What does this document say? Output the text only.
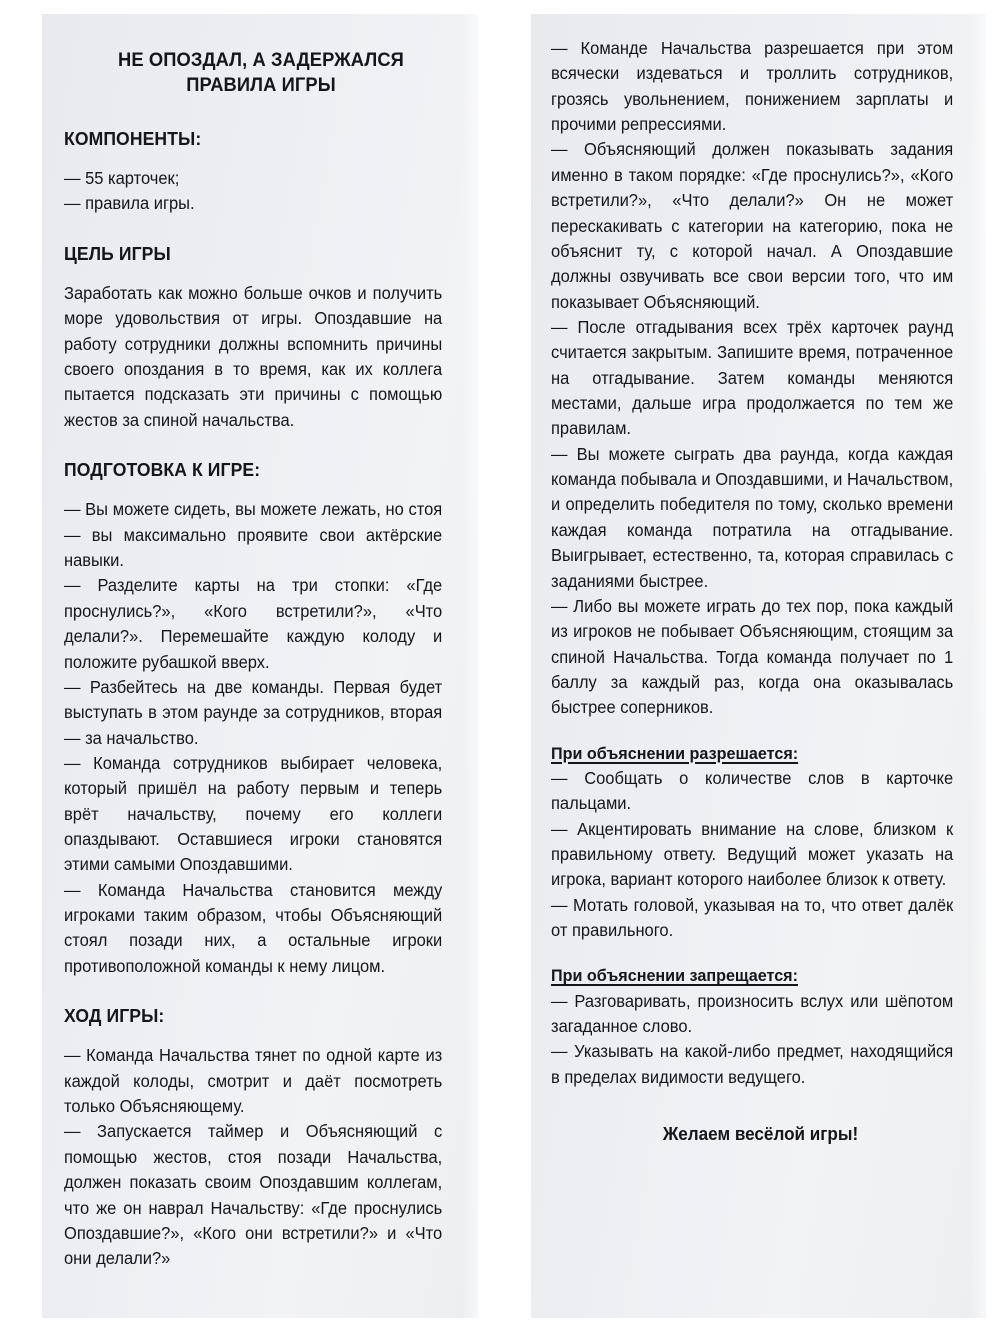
НЕ ОПОЗДАЛ, А ЗАДЕРЖАЛСЯ
ПРАВИЛА ИГРЫ
КОМПОНЕНТЫ:

— 55 карточек;

— правила игры.

ЦЕЛЬ ИГРЫ

Заработать как можно больше очков и получить море удовольствия от игры. Опоздавшие на работу сотрудники должны вспомнить причины своего опоздания в то время, как их коллега пытается подсказать эти причины с помощью жестов за спиной начальства.

ПОДГОТОВКА К ИГРЕ:

— Вы можете сидеть, вы можете лежать, но стоя — вы максимально проявите свои актёрские навыки.

— Разделите карты на три стопки: «Где проснулись?», «Кого встретили?», «Что делали?». Перемешайте каждую колоду и положите рубашкой вверх.

— Разбейтесь на две команды. Первая будет выступать в этом раунде за сотрудников, вторая — за начальство.

— Команда сотрудников выбирает человека, который пришёл на работу первым и теперь врёт начальству, почему его коллеги опаздывают. Оставшиеся игроки становятся этими самыми Опоздавшими.

— Команда Начальства становится между игроками таким образом, чтобы Объясняющий стоял позади них, а остальные игроки противоположной команды к нему лицом.

ХОД ИГРЫ:

— Команда Начальства тянет по одной карте из каждой колоды, смотрит и даёт посмотреть только Объясняющему.

— Запускается таймер и Объясняющий с помощью жестов, стоя позади Начальства, должен показать своим Опоздавшим коллегам, что же он наврал Начальству: «Где проснулись Опоздавшие?», «Кого они встретили?» и «Что они делали?»

— Команде Начальства разрешается при этом всячески издеваться и троллить сотрудников, грозясь увольнением, понижением зарплаты и прочими репрессиями.

— Объясняющий должен показывать задания именно в таком порядке: «Где проснулись?», «Кого встретили?», «Что делали?» Он не может перескакивать с категории на категорию, пока не объяснит ту, с которой начал. А Опоздавшие должны озвучивать все свои версии того, что им показывает Объясняющий.

— После отгадывания всех трёх карточек раунд считается закрытым. Запишите время, потраченное на отгадывание. Затем команды меняются местами, дальше игра продолжается по тем же правилам.

— Вы можете сыграть два раунда, когда каждая команда побывала и Опоздавшими, и Начальством, и определить победителя по тому, сколько времени каждая команда потратила на отгадывание. Выигрывает, естественно, та, которая справилась с заданиями быстрее.

— Либо вы можете играть до тех пор, пока каждый из игроков не побывает Объясняющим, стоящим за спиной Начальства. Тогда команда получает по 1 баллу за каждый раз, когда она оказывалась быстрее соперников.

При объяснении разрешается:

— Сообщать о количестве слов в карточке пальцами.

— Акцентировать внимание на слове, близком к правильному ответу. Ведущий может указать на игрока, вариант которого наиболее близок к ответу.

— Мотать головой, указывая на то, что ответ далёк от правильного.

При объяснении запрещается:

— Разговаривать, произносить вслух или шёпотом загаданное слово.

— Указывать на какой-либо предмет, находящийся в пределах видимости ведущего.

Желаем весёлой игры!
